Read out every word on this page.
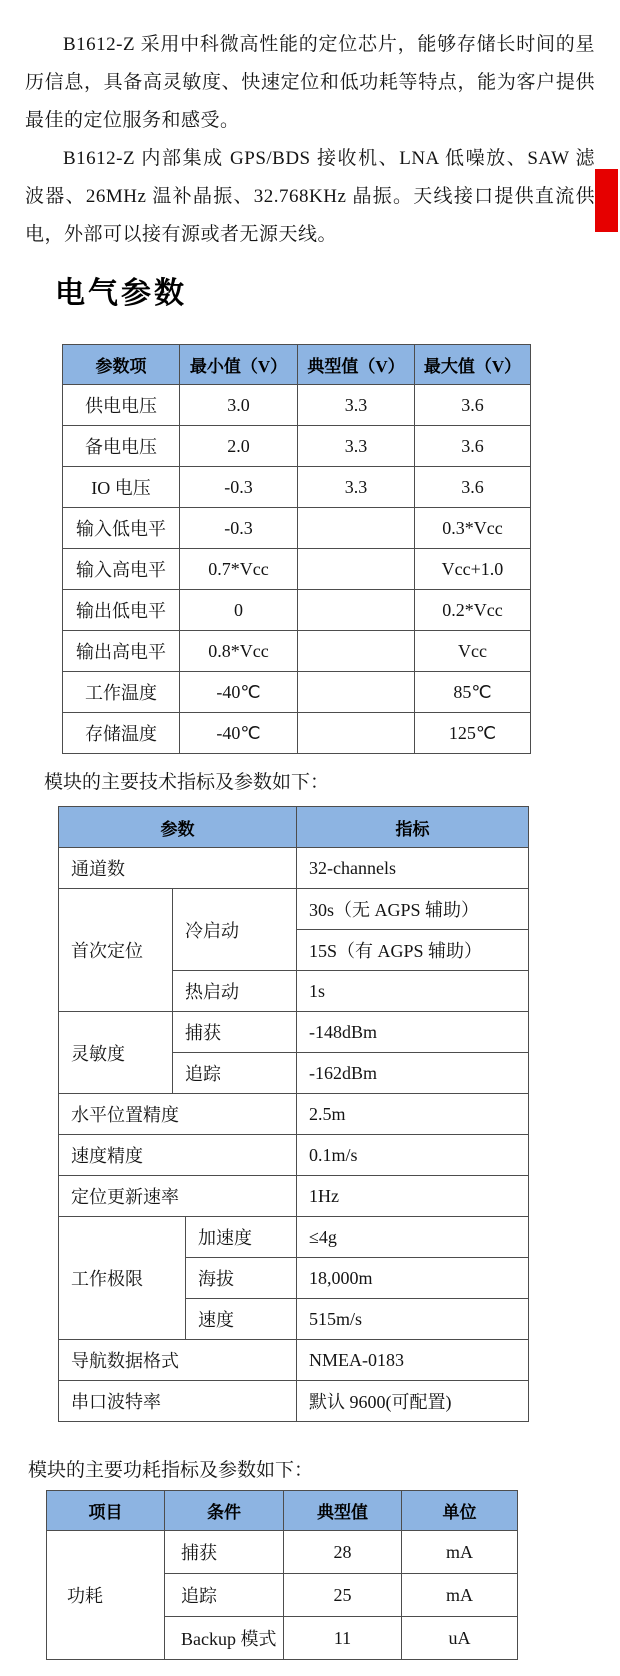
B1612-Z 采用中科微高性能的定位芯片，能够存储长时间的星历信息，具备高灵敏度、快速定位和低功耗等特点，能为客户提供最佳的定位服务和感受。

B1612-Z 内部集成 GPS/BDS 接收机、LNA 低噪放、SAW 滤波器、26MHz 温补晶振、32.768KHz 晶振。天线接口提供直流供电，外部可以接有源或者无源天线。

电气参数
参数项	最小值（V）	典型值（V）	最大值（V）
供电电压	3.0	3.3	3.6
备电电压	2.0	3.3	3.6
IO 电压	-0.3	3.3	3.6
输入低电平	-0.3		0.3*Vcc
输入高电平	0.7*Vcc		Vcc+1.0
输出低电平	0		0.2*Vcc
输出高电平	0.8*Vcc		Vcc
工作温度	-40℃		85℃
存储温度	-40℃		125℃
模块的主要技术指标及参数如下：
参数			指标
通道数			32-channels
首次定位	冷启动		30s（无 AGPS 辅助）
			15S（有 AGPS 辅助）
	热启动		1s
灵敏度	捕获		-148dBm
	追踪		-162dBm
水平位置精度			2.5m
速度精度			0.1m/s
定位更新速率			1Hz
工作极限		加速度	≤4g
		海拔	18,000m
		速度	515m/s
导航数据格式			NMEA-0183
串口波特率			默认 9600(可配置)
模块的主要功耗指标及参数如下：
项目	条件	典型值	单位
功耗	捕获	28	mA
	追踪	25	mA
	Backup 模式	11	uA
